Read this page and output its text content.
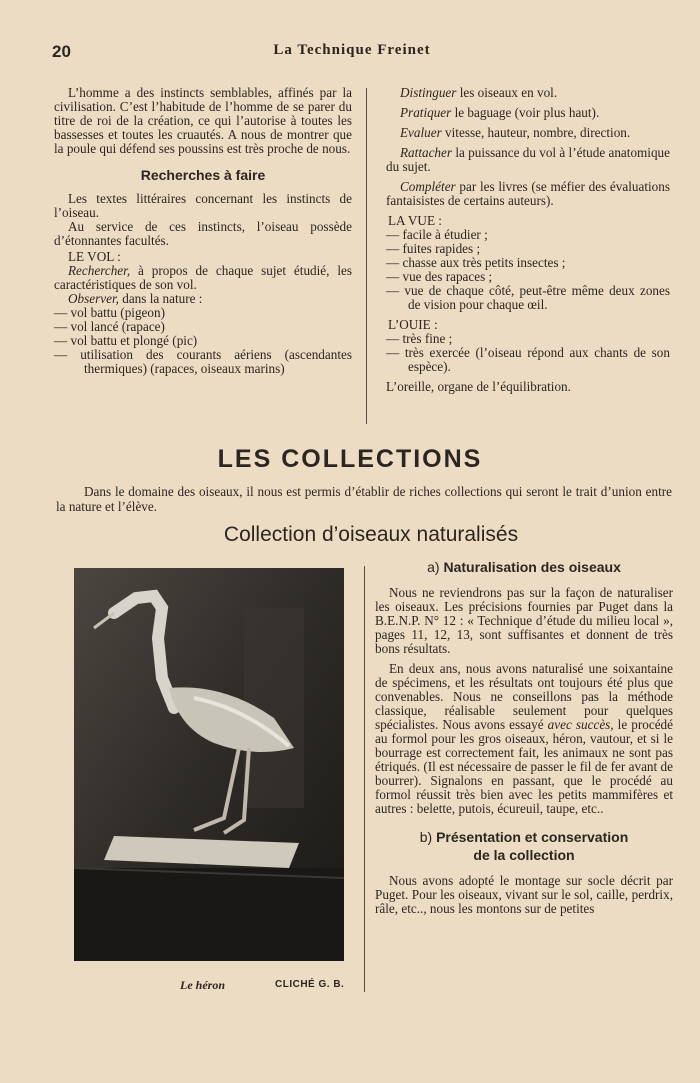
20	La Technique Freinet

L’homme a des instincts semblables, affinés par la civilisation. C’est l’habitude de l’homme de se parer du titre de roi de la création, ce qui l’autorise à toutes les bassesses et toutes les cruautés. A nous de montrer que la poule qui défend ses poussins est très proche de nous.

Recherches à faire

Les textes littéraires concernant les instincts de l’oiseau.

Au service de ces instincts, l’oiseau possède d’étonnantes facultés.

LE VOL :

Rechercher, à propos de chaque sujet étudié, les caractéristiques de son vol.

Observer, dans la nature :

— vol battu (pigeon)

— vol lancé (rapace)

— vol battu et plongé (pic)

— utilisation des courants aériens (ascendantes thermiques) (rapaces, oiseaux marins)

Distinguer les oiseaux en vol.

Pratiquer le baguage (voir plus haut).

Evaluer vitesse, hauteur, nombre, direction.

Rattacher la puissance du vol à l’étude anatomique du sujet.

Compléter par les livres (se méfier des évaluations fantaisistes de certains auteurs).

LA VUE :

— facile à étudier ;

— fuites rapides ;

— chasse aux très petits insectes ;

— vue des rapaces ;

— vue de chaque côté, peut-être même deux zones de vision pour chaque œil.

L’OUIE :

— très fine ;

— très exercée (l’oiseau répond aux chants de son espèce).

L’oreille, organe de l’équilibration.

LES COLLECTIONS

Dans le domaine des oiseaux, il nous est permis d’établir de riches collections qui seront le trait d’union entre la nature et l’élève.

Collection d’oiseaux naturalisés
Le héron	CLICHÉ G. B.
a) Naturalisation des oiseaux

Nous ne reviendrons pas sur la façon de naturaliser les oiseaux. Les précisions fournies par Puget dans la B.E.N.P. N° 12 : « Technique d’étude du milieu local », pages 11, 12, 13, sont suffisantes et donnent de très bons résultats.

En deux ans, nous avons naturalisé une soixantaine de spécimens, et les résultats ont toujours été plus que convenables. Nous ne conseillons pas la méthode classique, réalisable seulement pour quelques spécialistes. Nous avons essayé avec succès, le procédé au formol pour les gros oiseaux, héron, vautour, et si le bourrage est correctement fait, les animaux ne sont pas étriqués. (Il est nécessaire de passer le fil de fer avant de bourrer). Signalons en passant, que le procédé au formol réussit très bien avec les petits mammifères et autres : belette, putois, écureuil, taupe, etc..

b) Présentation et conservation
de la collection

Nous avons adopté le montage sur socle décrit par Puget. Pour les oiseaux, vivant sur le sol, caille, perdrix, râle, etc.., nous les montons sur de petites
